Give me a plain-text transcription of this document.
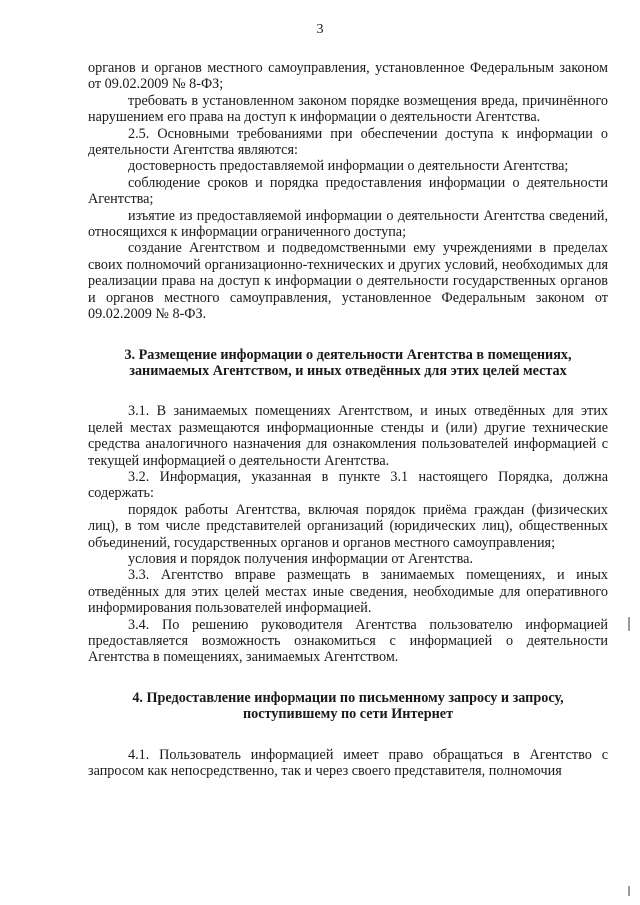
3

органов и органов местного самоуправления, установленное Федеральным законом от 09.02.2009 № 8-ФЗ;

требовать в установленном законом порядке возмещения вреда, причинённого нарушением его права на доступ к информации о деятельности Агентства.

2.5. Основными требованиями при обеспечении доступа к информации о деятельности Агентства являются:

достоверность предоставляемой информации о деятельности Агентства;

соблюдение сроков и порядка предоставления информации о деятельности Агентства;

изъятие из предоставляемой информации о деятельности Агентства сведений, относящихся к информации ограниченного доступа;

создание Агентством и подведомственными ему учреждениями в пределах своих полномочий организационно-технических и других условий, необходимых для реализации права на доступ к информации о деятельности государственных органов и органов местного самоуправления, установленное Федеральным законом от 09.02.2009 № 8-ФЗ.

3. Размещение информации о деятельности Агентства в помещениях, занимаемых Агентством, и иных отведённых для этих целей местах

3.1. В занимаемых помещениях Агентством, и иных отведённых для этих целей местах размещаются информационные стенды и (или) другие технические средства аналогичного назначения для ознакомления пользователей информацией с текущей информацией о деятельности Агентства.

3.2. Информация, указанная в пункте 3.1 настоящего Порядка, должна содержать:

порядок работы Агентства, включая порядок приёма граждан (физических лиц), в том числе представителей организаций (юридических лиц), общественных объединений, государственных органов и органов местного самоуправления;

условия и порядок получения информации от Агентства.

3.3. Агентство вправе размещать в занимаемых помещениях, и иных отведённых для этих целей местах иные сведения, необходимые для оперативного информирования пользователей информацией.

3.4. По решению руководителя Агентства пользователю информацией предоставляется возможность ознакомиться с информацией о деятельности Агентства в помещениях, занимаемых Агентством.

4. Предоставление информации по письменному запросу и запросу, поступившему по сети Интернет

4.1. Пользователь информацией имеет право обращаться в Агентство с запросом как непосредственно, так и через своего представителя, полномочия
